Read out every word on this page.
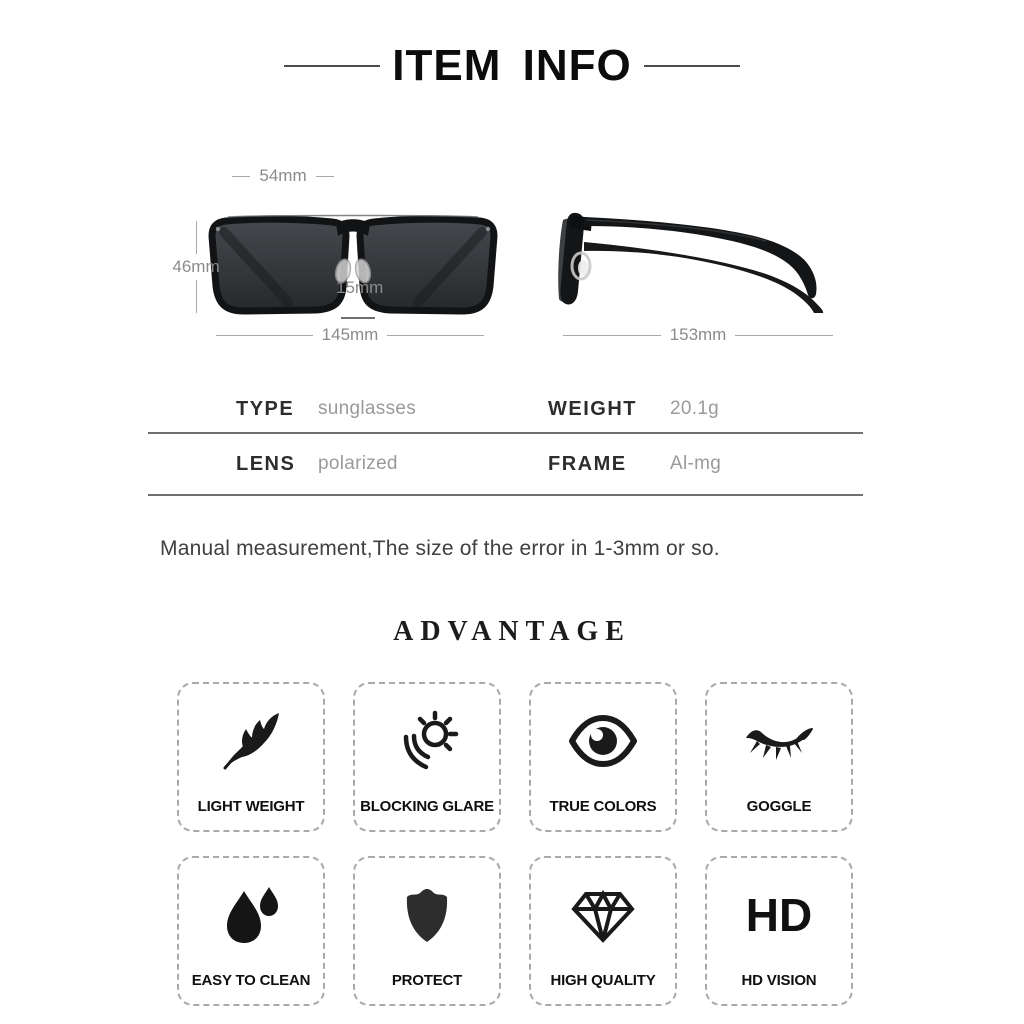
ITEM INFO
54mm
46mm
15mm
145mm	153mm
TYPE	sunglasses	WEIGHT	20.1g
LENS	polarized	FRAME	Al-mg
Manual measurement,The size of the error in 1-3mm or so.
ADVANTAGE
LIGHT WEIGHT	BLOCKING GLARE	TRUE COLORS	GOGGLE
EASY TO CLEAN	PROTECT	HIGH QUALITY
HD
HD VISION
